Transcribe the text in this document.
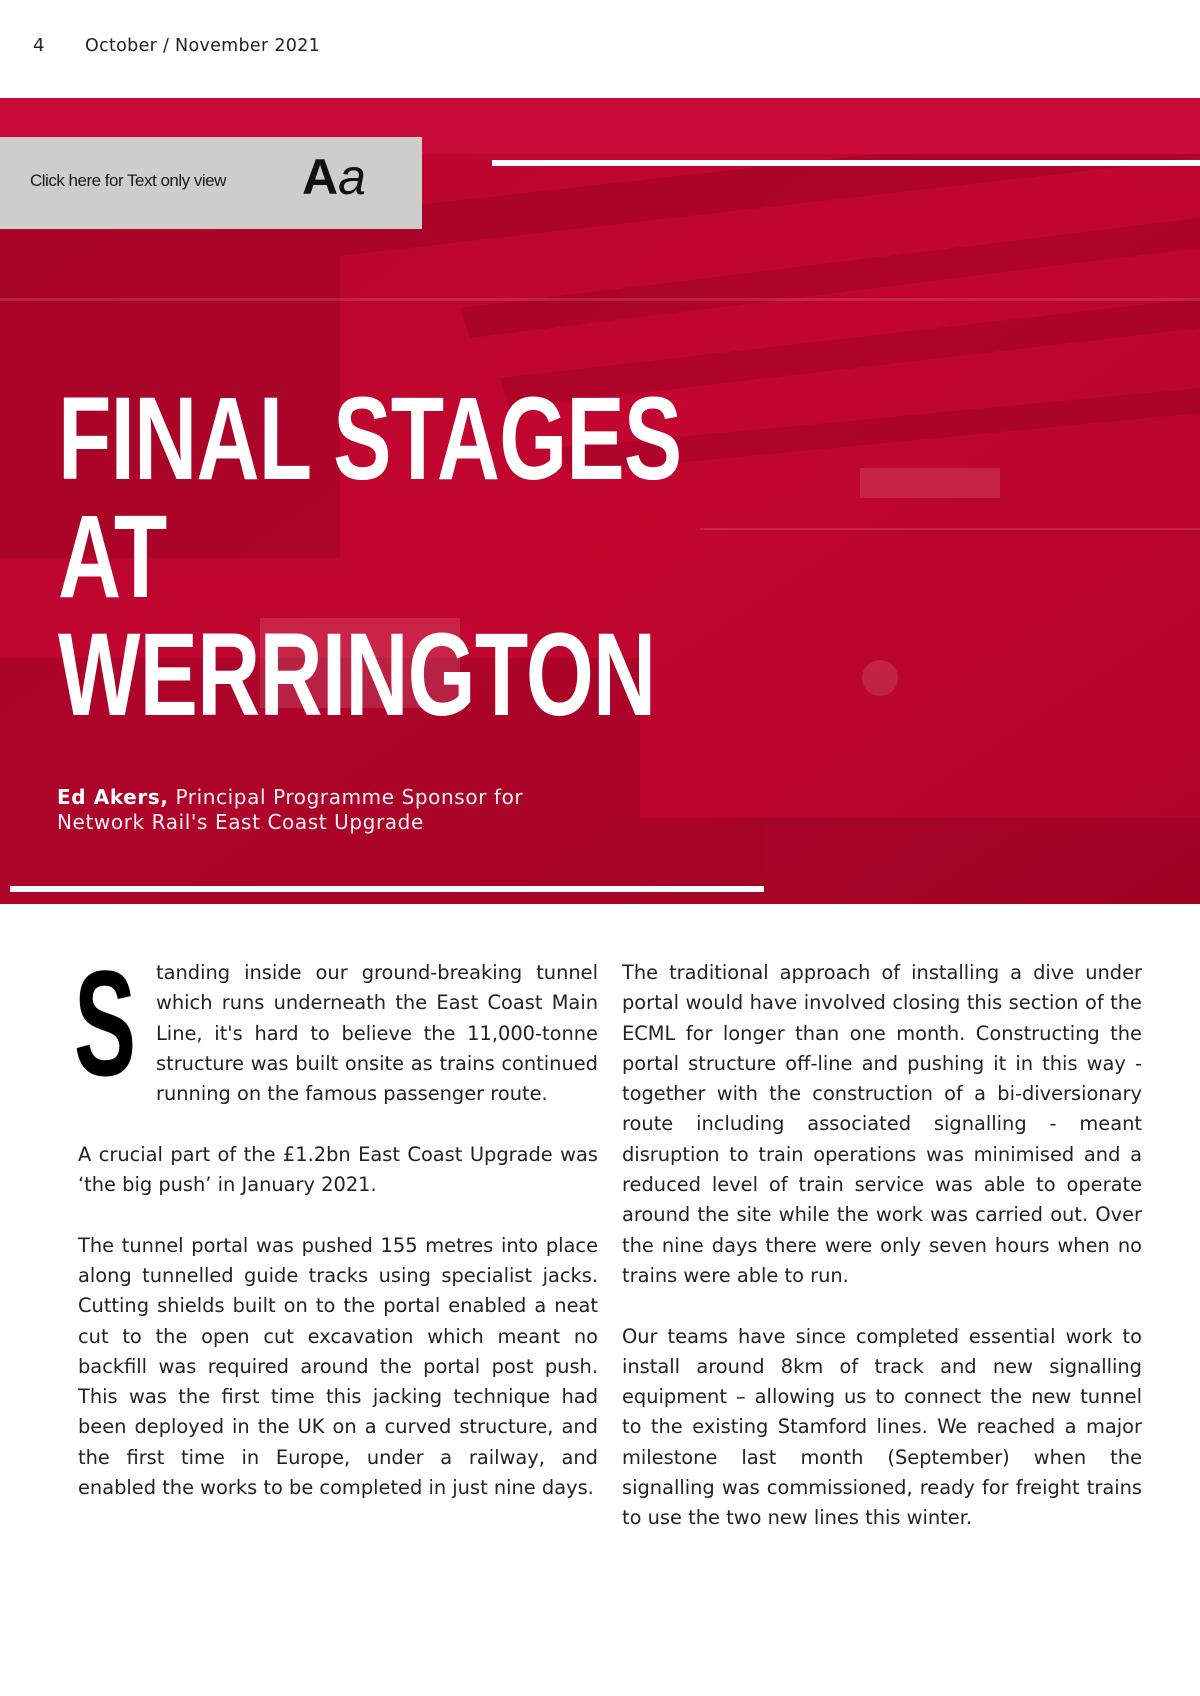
4 October / November 2021
Click here for Text only view Aa
FINAL STAGES AT
WERRINGTON
Ed Akers, Principal Programme Sponsor for Network Rail's East Coast Upgrade

S tanding inside our ground-breaking tunnel which runs underneath the East Coast Main Line, it's hard to believe the 11,000-tonne structure was built onsite as trains continued running on the famous passenger route.

A crucial part of the £1.2bn East Coast Upgrade was ‘the big push’ in January 2021.

The tunnel portal was pushed 155 metres into place along tunnelled guide tracks using specialist jacks. Cutting shields built on to the portal enabled a neat cut to the open cut excavation which meant no backfill was required around the portal post push. This was the first time this jacking technique had been deployed in the UK on a curved structure, and the first time in Europe, under a railway, and enabled the works to be completed in just nine days.

The traditional approach of installing a dive under portal would have involved closing this section of the ECML for longer than one month. Constructing the portal structure off-line and pushing it in this way - together with the construction of a bi-diversionary route including associated signalling - meant disruption to train operations was minimised and a reduced level of train service was able to operate around the site while the work was carried out. Over the nine days there were only seven hours when no trains were able to run.

Our teams have since completed essential work to install around 8km of track and new signalling equipment – allowing us to connect the new tunnel to the existing Stamford lines. We reached a major milestone last month (September) when the signalling was commissioned, ready for freight trains to use the two new lines this winter.
